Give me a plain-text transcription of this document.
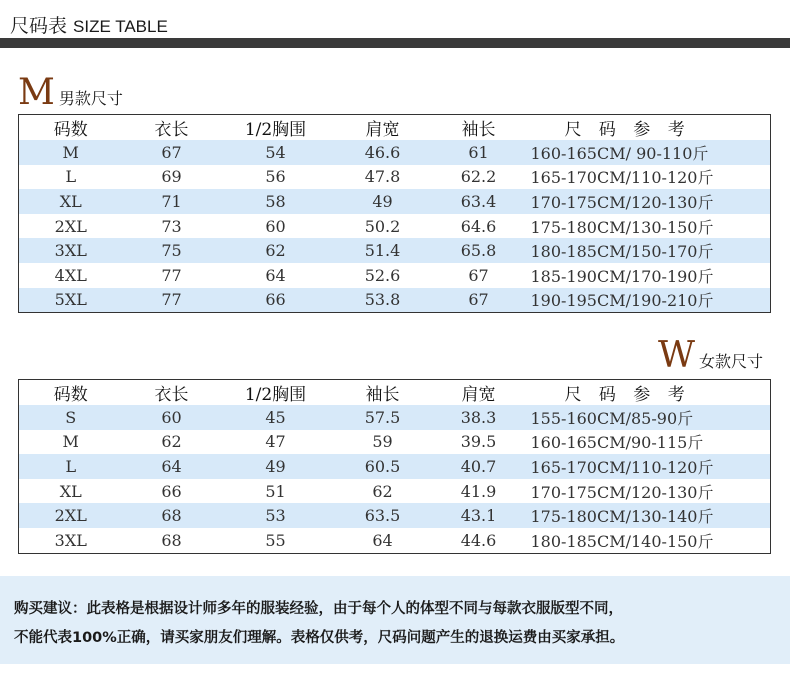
尺码表 SIZE TABLE
M男款尺寸
码数	衣长	1/2胸围	肩宽	袖长	尺 码 参 考
M	67	54	46.6	61	160-165CM/ 90-110斤
L	69	56	47.8	62.2	165-170CM/110-120斤
XL	71	58	49	63.4	170-175CM/120-130斤
2XL	73	60	50.2	64.6	175-180CM/130-150斤
3XL	75	62	51.4	65.8	180-185CM/150-170斤
4XL	77	64	52.6	67	185-190CM/170-190斤
5XL	77	66	53.8	67	190-195CM/190-210斤
W女款尺寸
码数	衣长	1/2胸围	袖长	肩宽	尺 码 参 考
S	60	45	57.5	38.3	155-160CM/85-90斤
M	62	47	59	39.5	160-165CM/90-115斤
L	64	49	60.5	40.7	165-170CM/110-120斤
XL	66	51	62	41.9	170-175CM/120-130斤
2XL	68	53	63.5	43.1	175-180CM/130-140斤
3XL	68	55	64	44.6	180-185CM/140-150斤

购买建议：此表格是根据设计师多年的服装经验，由于每个人的体型不同与每款衣服版型不同，

不能代表100%正确，请买家朋友们理解。表格仅供考，尺码问题产生的退换运费由买家承担。
